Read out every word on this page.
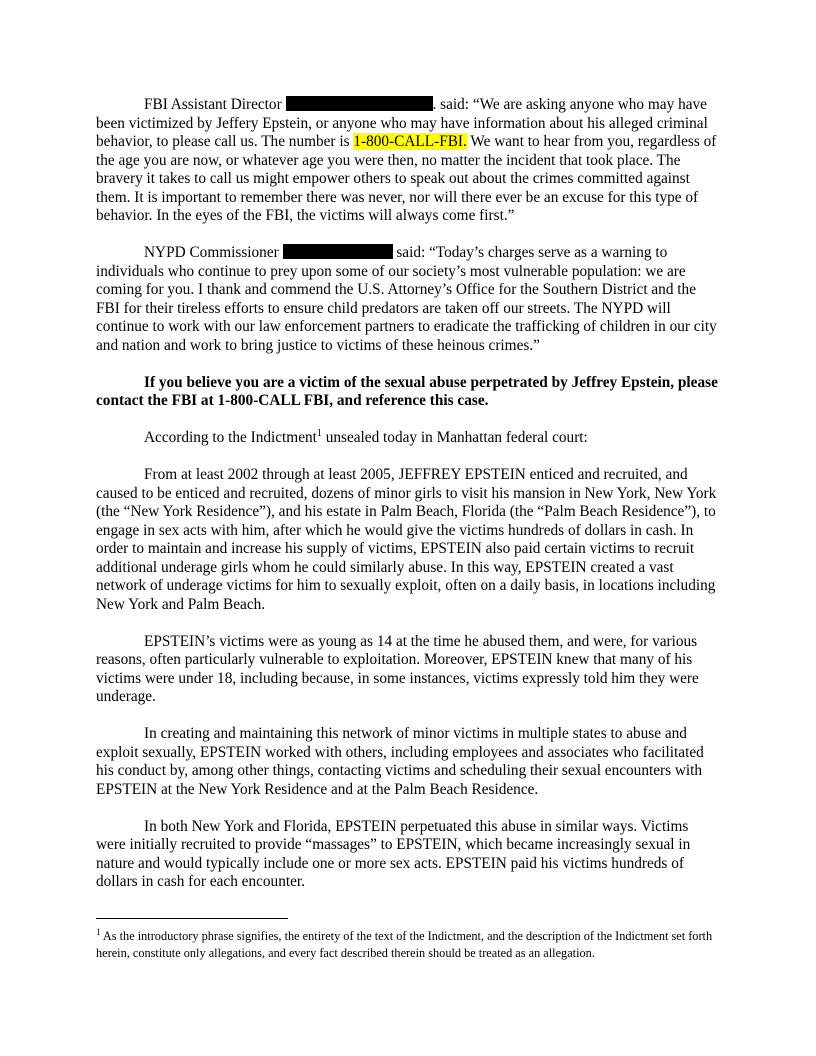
FBI Assistant Director	. said: “We are asking anyone who may have been victimized by Jeffery Epstein, or anyone who may have information about his alleged criminal behavior, to please call us. The number is 1-800-CALL-FBI. We want to hear from you, regardless of the age you are now, or whatever age you were then, no matter the incident that took place. The bravery it takes to call us might empower others to speak out about the crimes committed against them. It is important to remember there was never, nor will there ever be an excuse for this type of behavior. In the eyes of the FBI, the victims will always come first.”

NYPD Commissioner	said: “Today’s charges serve as a warning to individuals who continue to prey upon some of our society’s most vulnerable population: we are coming for you. I thank and commend the U.S. Attorney’s Office for the Southern District and the FBI for their tireless efforts to ensure child predators are taken off our streets. The NYPD will continue to work with our law enforcement partners to eradicate the trafficking of children in our city and nation and work to bring justice to victims of these heinous crimes.”

If you believe you are a victim of the sexual abuse perpetrated by Jeffrey Epstein, please contact the FBI at 1-800-CALL FBI, and reference this case.

According to the Indictment$^1$ unsealed today in Manhattan federal court:

From at least 2002 through at least 2005, JEFFREY EPSTEIN enticed and recruited, and caused to be enticed and recruited, dozens of minor girls to visit his mansion in New York, New York (the “New York Residence”), and his estate in Palm Beach, Florida (the “Palm Beach Residence”), to engage in sex acts with him, after which he would give the victims hundreds of dollars in cash. In order to maintain and increase his supply of victims, EPSTEIN also paid certain victims to recruit additional underage girls whom he could similarly abuse. In this way, EPSTEIN created a vast network of underage victims for him to sexually exploit, often on a daily basis, in locations including New York and Palm Beach.

EPSTEIN’s victims were as young as 14 at the time he abused them, and were, for various reasons, often particularly vulnerable to exploitation. Moreover, EPSTEIN knew that many of his victims were under 18, including because, in some instances, victims expressly told him they were underage.

In creating and maintaining this network of minor victims in multiple states to abuse and exploit sexually, EPSTEIN worked with others, including employees and associates who facilitated his conduct by, among other things, contacting victims and scheduling their sexual encounters with EPSTEIN at the New York Residence and at the Palm Beach Residence.

In both New York and Florida, EPSTEIN perpetuated this abuse in similar ways. Victims were initially recruited to provide “massages” to EPSTEIN, which became increasingly sexual in nature and would typically include one or more sex acts. EPSTEIN paid his victims hundreds of dollars in cash for each encounter.

$^1$ As the introductory phrase signifies, the entirety of the text of the Indictment, and the description of the Indictment set forth herein, constitute only allegations, and every fact described therein should be treated as an allegation.
